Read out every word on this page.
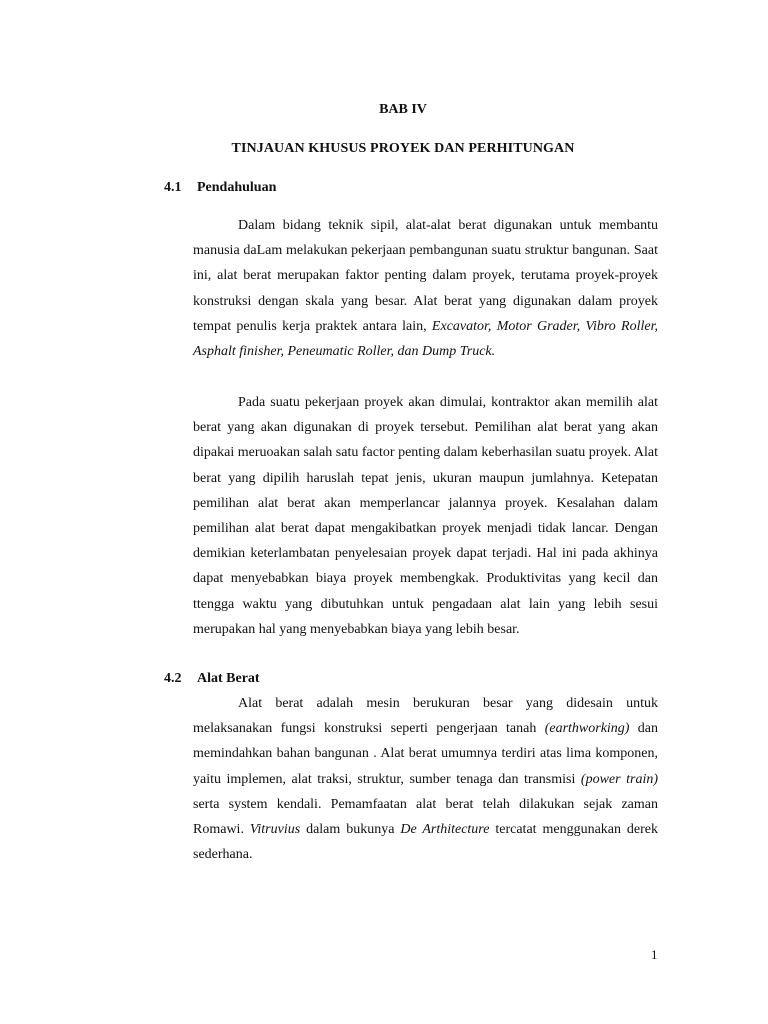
BAB IV
TINJAUAN KHUSUS PROYEK DAN PERHITUNGAN
4.1 Pendahuluan

Dalam bidang teknik sipil, alat-alat berat digunakan untuk membantu manusia daLam melakukan pekerjaan pembangunan suatu struktur bangunan. Saat ini, alat berat merupakan faktor penting dalam proyek, terutama proyek-proyek konstruksi dengan skala yang besar. Alat berat yang digunakan dalam proyek tempat penulis kerja praktek antara lain, Excavator, Motor Grader, Vibro Roller, Asphalt finisher, Peneumatic Roller, dan Dump Truck.

Pada suatu pekerjaan proyek akan dimulai, kontraktor akan memilih alat berat yang akan digunakan di proyek tersebut. Pemilihan alat berat yang akan dipakai meruoakan salah satu factor penting dalam keberhasilan suatu proyek. Alat berat yang dipilih haruslah tepat jenis, ukuran maupun jumlahnya. Ketepatan pemilihan alat berat akan memperlancar jalannya proyek. Kesalahan dalam pemilihan alat berat dapat mengakibatkan proyek menjadi tidak lancar. Dengan demikian keterlambatan penyelesaian proyek dapat terjadi. Hal ini pada akhinya dapat menyebabkan biaya proyek membengkak. Produktivitas yang kecil dan ttengga waktu yang dibutuhkan untuk pengadaan alat lain yang lebih sesui merupakan hal yang menyebabkan biaya yang lebih besar.

4.2 Alat Berat

Alat berat adalah mesin berukuran besar yang didesain untuk melaksanakan fungsi konstruksi seperti pengerjaan tanah (earthworking) dan memindahkan bahan bangunan . Alat berat umumnya terdiri atas lima komponen, yaitu implemen, alat traksi, struktur, sumber tenaga dan transmisi (power train) serta system kendali. Pemamfaatan alat berat telah dilakukan sejak zaman Romawi. Vitruvius dalam bukunya De Arthitecture tercatat menggunakan derek sederhana.

1
